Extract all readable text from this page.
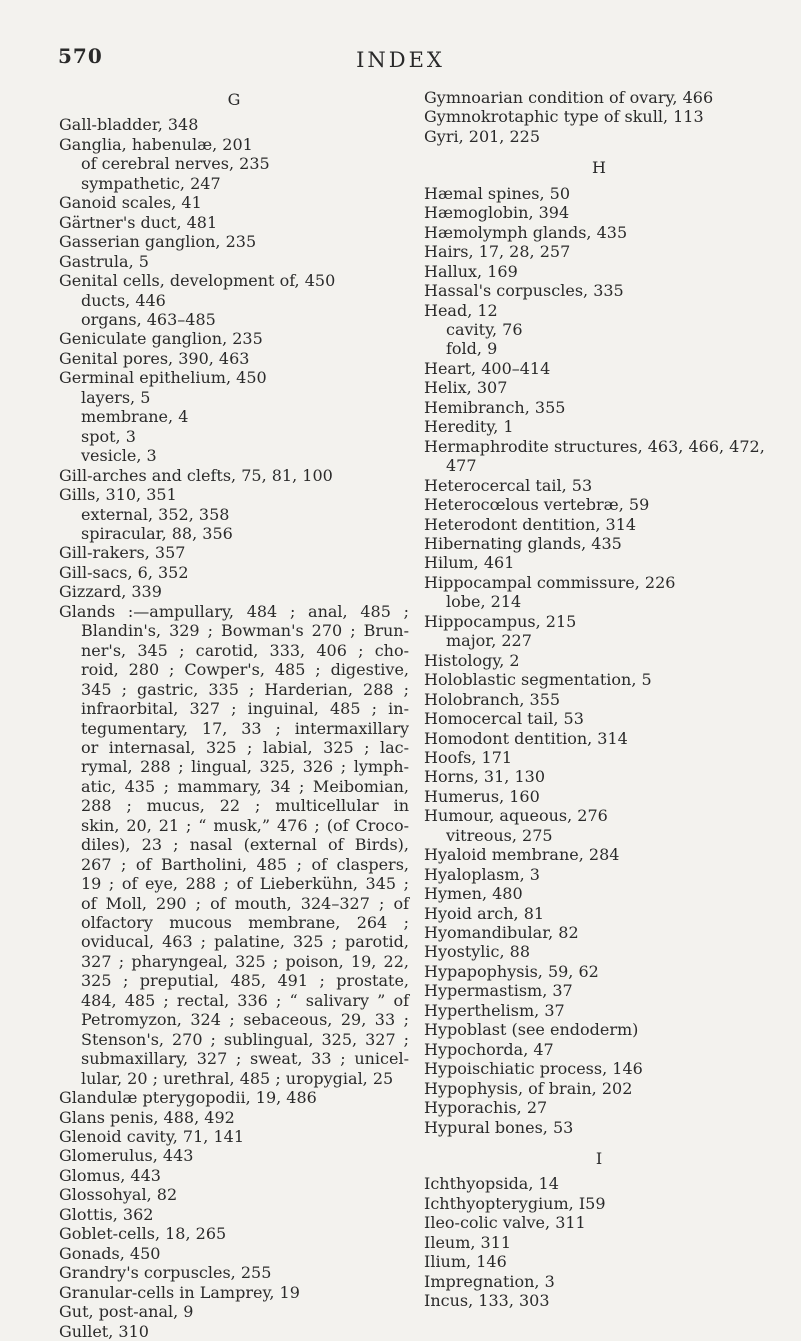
570	INDEX
G
Gall-bladder, 348
Ganglia, habenulæ, 201
of cerebral nerves, 235
sympathetic, 247
Ganoid scales, 41
Gärtner's duct, 481
Gasserian ganglion, 235
Gastrula, 5
Genital cells, development of, 450
ducts, 446
organs, 463–485
Geniculate ganglion, 235
Genital pores, 390, 463
Germinal epithelium, 450
layers, 5
membrane, 4
spot, 3
vesicle, 3
Gill-arches and clefts, 75, 81, 100
Gills, 310, 351
external, 352, 358
spiracular, 88, 356
Gill-rakers, 357
Gill-sacs, 6, 352
Gizzard, 339
Glands :—ampullary, 484 ; anal, 485 ;
Blandin's, 329 ; Bowman's 270 ; Brun-
ner's, 345 ; carotid, 333, 406 ; cho-
roid, 280 ; Cowper's, 485 ; digestive,
345 ; gastric, 335 ; Harderian, 288 ;
infraorbital, 327 ; inguinal, 485 ; in-
tegumentary, 17, 33 ; intermaxillary
or internasal, 325 ; labial, 325 ; lac-
rymal, 288 ; lingual, 325, 326 ; lymph-
atic, 435 ; mammary, 34 ; Meibomian,
288 ; mucus, 22 ; multicellular in
skin, 20, 21 ; “ musk,” 476 ; (of Croco-
diles), 23 ; nasal (external of Birds),
267 ; of Bartholini, 485 ; of claspers,
19 ; of eye, 288 ; of Lieberkühn, 345 ;
of Moll, 290 ; of mouth, 324–327 ; of
olfactory mucous membrane, 264 ;
oviducal, 463 ; palatine, 325 ; parotid,
327 ; pharyngeal, 325 ; poison, 19, 22,
325 ; preputial, 485, 491 ; prostate,
484, 485 ; rectal, 336 ; “ salivary ” of
Petromyzon, 324 ; sebaceous, 29, 33 ;
Stenson's, 270 ; sublingual, 325, 327 ;
submaxillary, 327 ; sweat, 33 ; unicel-
lular, 20 ; urethral, 485 ; uropygial, 25
Glandulæ pterygopodii, 19, 486
Glans penis, 488, 492
Glenoid cavity, 71, 141
Glomerulus, 443
Glomus, 443
Glossohyal, 82
Glottis, 362
Goblet-cells, 18, 265
Gonads, 450
Grandry's corpuscles, 255
Granular-cells in Lamprey, 19
Gut, post-anal, 9
Gullet, 310
Gymnoarian condition of ovary, 466
Gymnokrotaphic type of skull, 113
Gyri, 201, 225
H
Hæmal spines, 50
Hæmoglobin, 394
Hæmolymph glands, 435
Hairs, 17, 28, 257
Hallux, 169
Hassal's corpuscles, 335
Head, 12
cavity, 76
fold, 9
Heart, 400–414
Helix, 307
Hemibranch, 355
Heredity, 1
Hermaphrodite structures, 463, 466, 472,
477
Heterocercal tail, 53
Heterocœlous vertebræ, 59
Heterodont dentition, 314
Hibernating glands, 435
Hilum, 461
Hippocampal commissure, 226
lobe, 214
Hippocampus, 215
major, 227
Histology, 2
Holoblastic segmentation, 5
Holobranch, 355
Homocercal tail, 53
Homodont dentition, 314
Hoofs, 171
Horns, 31, 130
Humerus, 160
Humour, aqueous, 276
vitreous, 275
Hyaloid membrane, 284
Hyaloplasm, 3
Hymen, 480
Hyoid arch, 81
Hyomandibular, 82
Hyostylic, 88
Hypapophysis, 59, 62
Hypermastism, 37
Hyperthelism, 37
Hypoblast (see endoderm)
Hypochorda, 47
Hypoischiatic process, 146
Hypophysis, of brain, 202
Hyporachis, 27
Hypural bones, 53
I
Ichthyopsida, 14
Ichthyopterygium, I59
Ileo-colic valve, 311
Ileum, 311
Ilium, 146
Impregnation, 3
Incus, 133, 303
